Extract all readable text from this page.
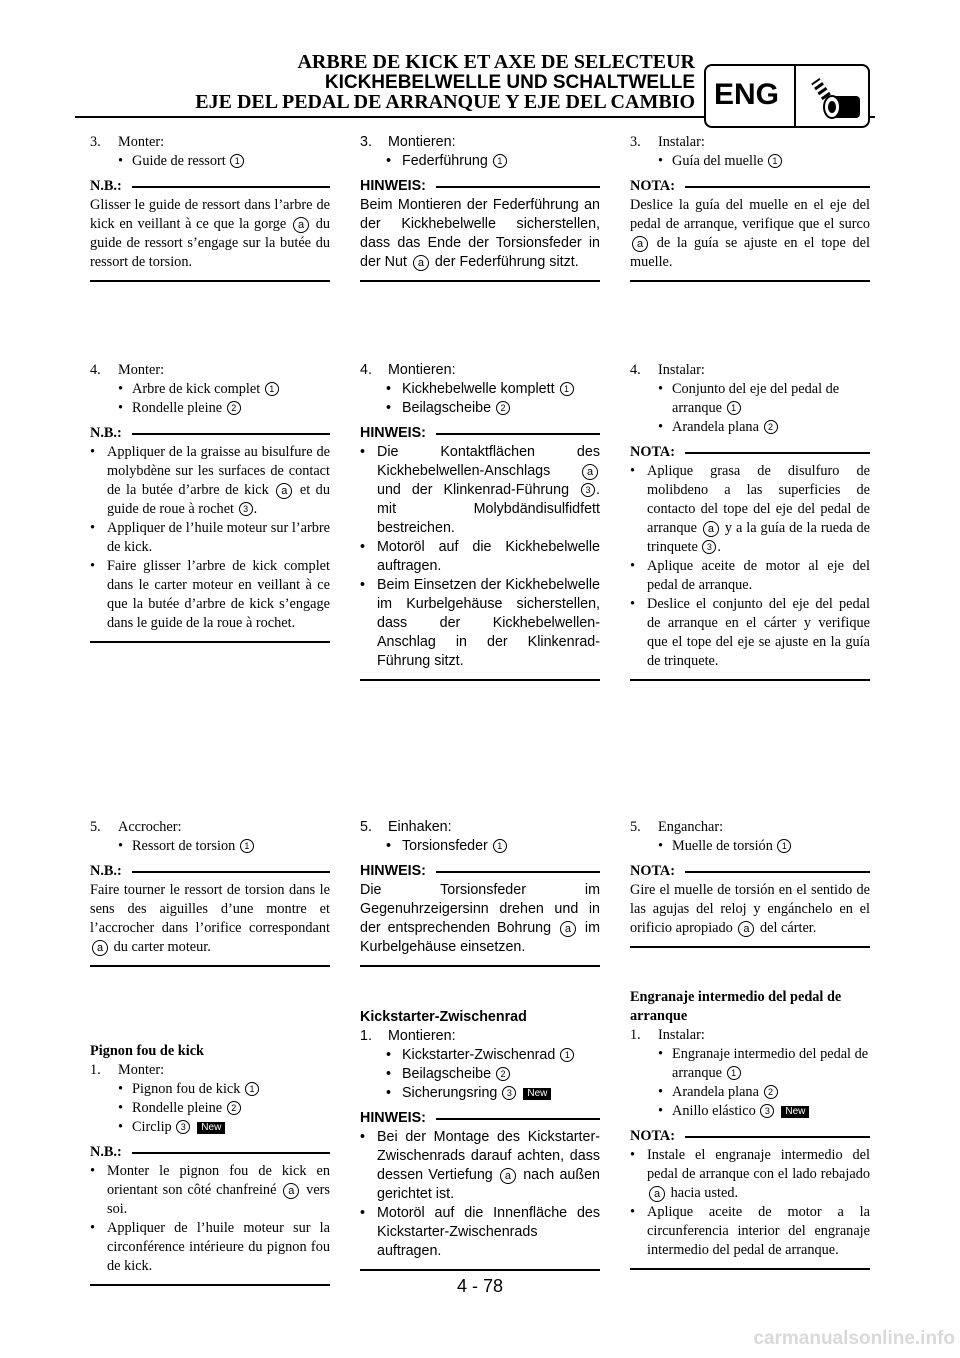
ARBRE DE KICK ET AXE DE SELECTEUR
KICKHEBELWELLE UND SCHALTWELLE
EJE DEL PEDAL DE ARRANQUE Y EJE DEL CAMBIO ENG
3. Monter:
• Guide de ressort 1
N.B.:
Glisser le guide de ressort dans l’arbre de kick en veillant à ce que la gorge a du guide de ressort s’engage sur la butée du ressort de torsion.
4. Monter:
• Arbre de kick complet 1
• Rondelle pleine 2
N.B.:
• Appliquer de la graisse au bisulfure de molybdène sur les surfaces de contact de la butée d’arbre de kick a et du guide de roue à rochet 3 .
• Appliquer de l’huile moteur sur l’arbre de kick.
• Faire glisser l’arbre de kick complet dans le carter moteur en veillant à ce que la butée d’arbre de kick s’engage dans le guide de la roue à rochet.
5. Accrocher:
• Ressort de torsion 1
N.B.:
Faire tourner le ressort de torsion dans le sens des aiguilles d’une montre et l’accrocher dans l’orifice correspondant a du carter moteur.
Pignon fou de kick
1. Monter:
• Pignon fou de kick 1
• Rondelle pleine 2
• Circlip 3 New
N.B.:
• Monter le pignon fou de kick en orientant son côté chanfreiné a vers soi.
• Appliquer de l’huile moteur sur la circonférence intérieure du pignon fou de kick.
3. Montieren:
• Federführung 1
HINWEIS:
Beim Montieren der Federführung an der Kickhebelwelle sicherstellen, dass das Ende der Torsionsfeder in der Nut a der Federführung sitzt.
4. Montieren:
• Kickhebelwelle komplett 1
• Beilagscheibe 2
HINWEIS:
• Die Kontaktflächen des Kickhebelwellen-Anschlags	a und der Klinkenrad-Führung 3 . mit Molybdändisulfidfett bestreichen.
• Motoröl auf die Kickhebelwelle auftragen.
• Beim Einsetzen der Kickhebelwelle im Kurbelgehäuse sicherstellen, dass der Kickhebelwellen-Anschlag in der Klinkenrad-Führung sitzt.
5. Einhaken:
• Torsionsfeder 1
HINWEIS:
Die Torsionsfeder im Gegenuhrzeigersinn drehen und in der entsprechenden Bohrung a im Kurbelgehäuse einsetzen.
Kickstarter-Zwischenrad
1. Montieren:
• Kickstarter-Zwischenrad 1
• Beilagscheibe 2
• Sicherungsring 3 New
HINWEIS:
• Bei der Montage des Kickstarter-Zwischenrads darauf achten, dass dessen Vertiefung a nach außen gerichtet ist.
• Motoröl auf die Innenfläche des Kickstarter-Zwischenrads auftragen.
3. Instalar:
• Guía del muelle 1
NOTA:
Deslice la guía del muelle en el eje del pedal de arranque, verifique que el surco a de la guía se ajuste en el tope del muelle.
4. Instalar:
• Conjunto del eje del pedal de arranque 1
• Arandela plana 2
NOTA:
• Aplique grasa de disulfuro de molibdeno a las superficies de contacto del tope del eje del pedal de arranque a y a la guía de la rueda de trinquete 3 .
• Aplique aceite de motor al eje del pedal de arranque.
• Deslice el conjunto del eje del pedal de arranque en el cárter y verifique que el tope del eje se ajuste en la guía de trinquete.
5. Enganchar:
• Muelle de torsión 1
NOTA:
Gire el muelle de torsión en el sentido de las agujas del reloj y engánchelo en el orificio apropiado a del cárter.
Engranaje intermedio del pedal de arranque
1. Instalar:
• Engranaje intermedio del pedal de arranque 1
• Arandela plana 2
• Anillo elástico 3 New
NOTA:
• Instale el engranaje intermedio del pedal de arranque con el lado rebajado a hacia usted.
• Aplique aceite de motor a la circunferencia interior del engranaje intermedio del pedal de arranque.
4 - 78
carmanualsonline.info
